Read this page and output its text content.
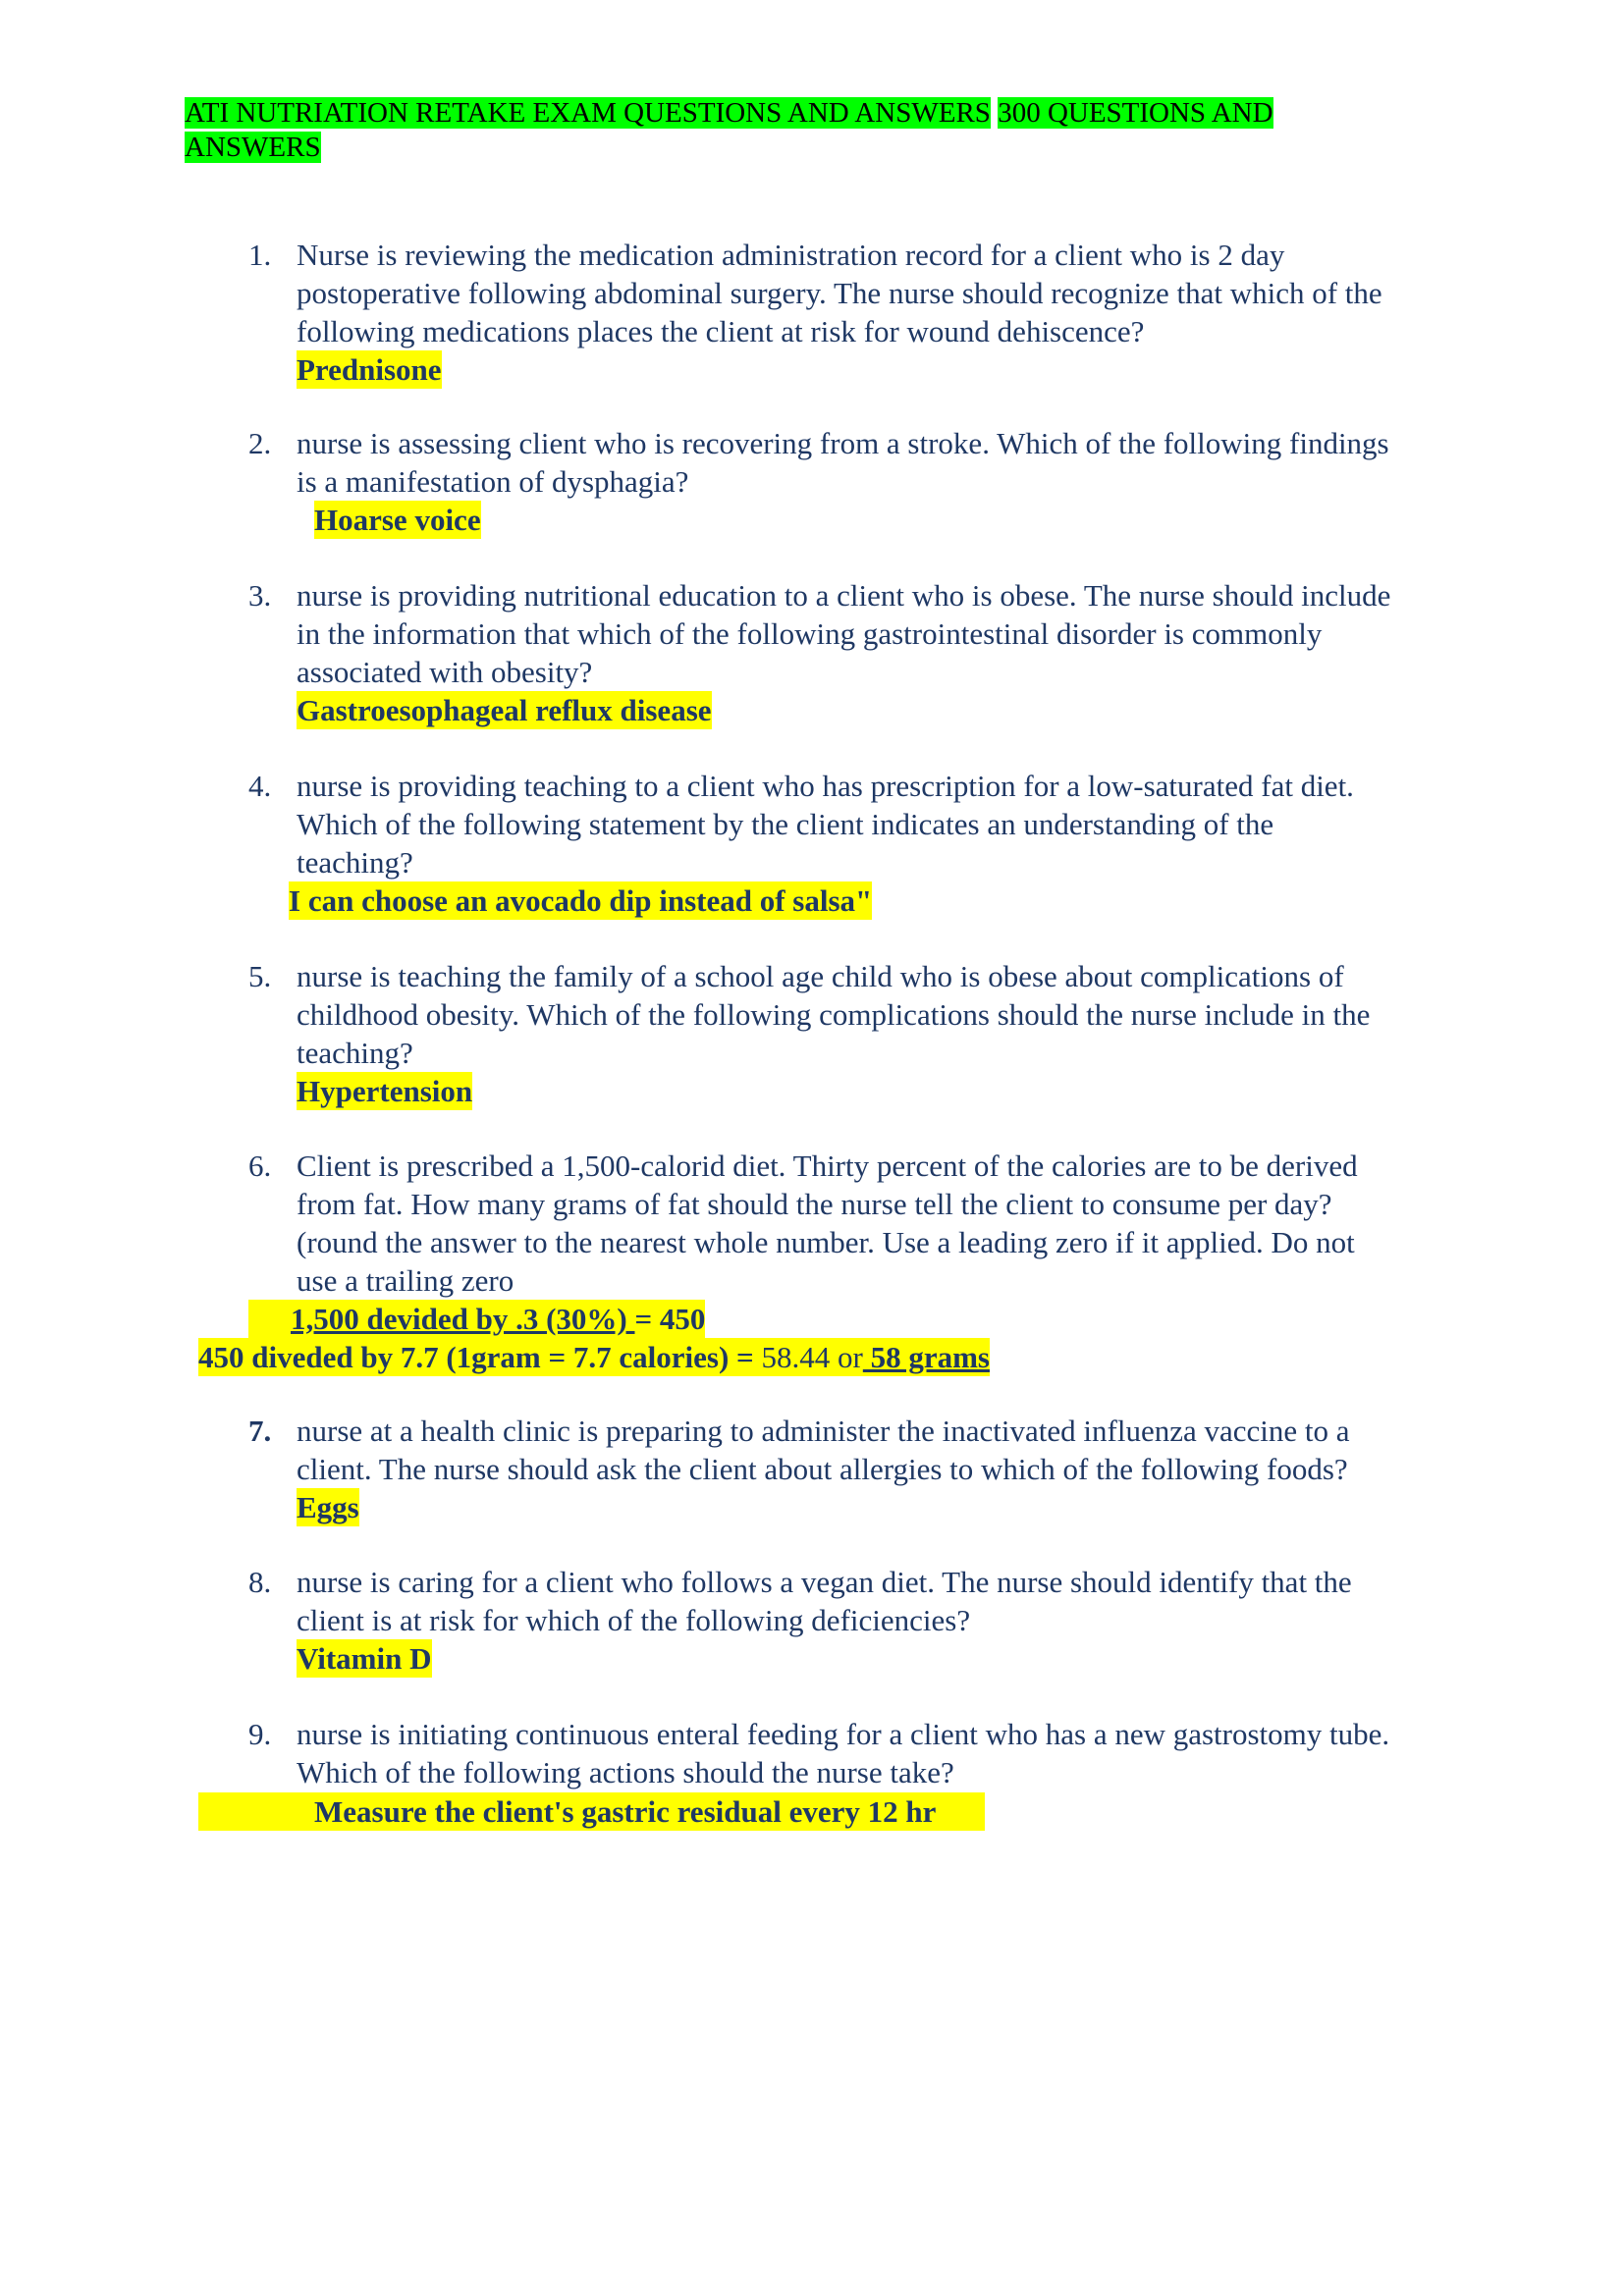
ATI NUTRIATION RETAKE EXAM QUESTIONS AND ANSWERS 300 QUESTIONS AND
ANSWERS
1. Nurse is reviewing the medication administration record for a client who is 2 day
postoperative following abdominal surgery. The nurse should recognize that which of the
following medications places the client at risk for wound dehiscence?
Prednisone
2. nurse is assessing client who is recovering from a stroke. Which of the following findings
is a manifestation of dysphagia?
Hoarse voice
3. nurse is providing nutritional education to a client who is obese. The nurse should include
in the information that which of the following gastrointestinal disorder is commonly
associated with obesity?
Gastroesophageal reflux disease
4. nurse is providing teaching to a client who has prescription for a low-saturated fat diet.
Which of the following statement by the client indicates an understanding of the
teaching?
I can choose an avocado dip instead of salsa"
5. nurse is teaching the family of a school age child who is obese about complications of
childhood obesity. Which of the following complications should the nurse include in the
teaching?
Hypertension
6. Client is prescribed a 1,500-calorid diet. Thirty percent of the calories are to be derived
from fat. How many grams of fat should the nurse tell the client to consume per day?
(round the answer to the nearest whole number. Use a leading zero if it applied. Do not
use a trailing zero
1,500 devided by .3 (30%) = 450
450 diveded by 7.7 (1gram = 7.7 calories) = 58.44 or 58 grams
7. nurse at a health clinic is preparing to administer the inactivated influenza vaccine to a
client. The nurse should ask the client about allergies to which of the following foods?
Eggs
8. nurse is caring for a client who follows a vegan diet. The nurse should identify that the
client is at risk for which of the following deficiencies?
Vitamin D
9. nurse is initiating continuous enteral feeding for a client who has a new gastrostomy tube.
Which of the following actions should the nurse take?
Measure the client's gastric residual every 12 hr
